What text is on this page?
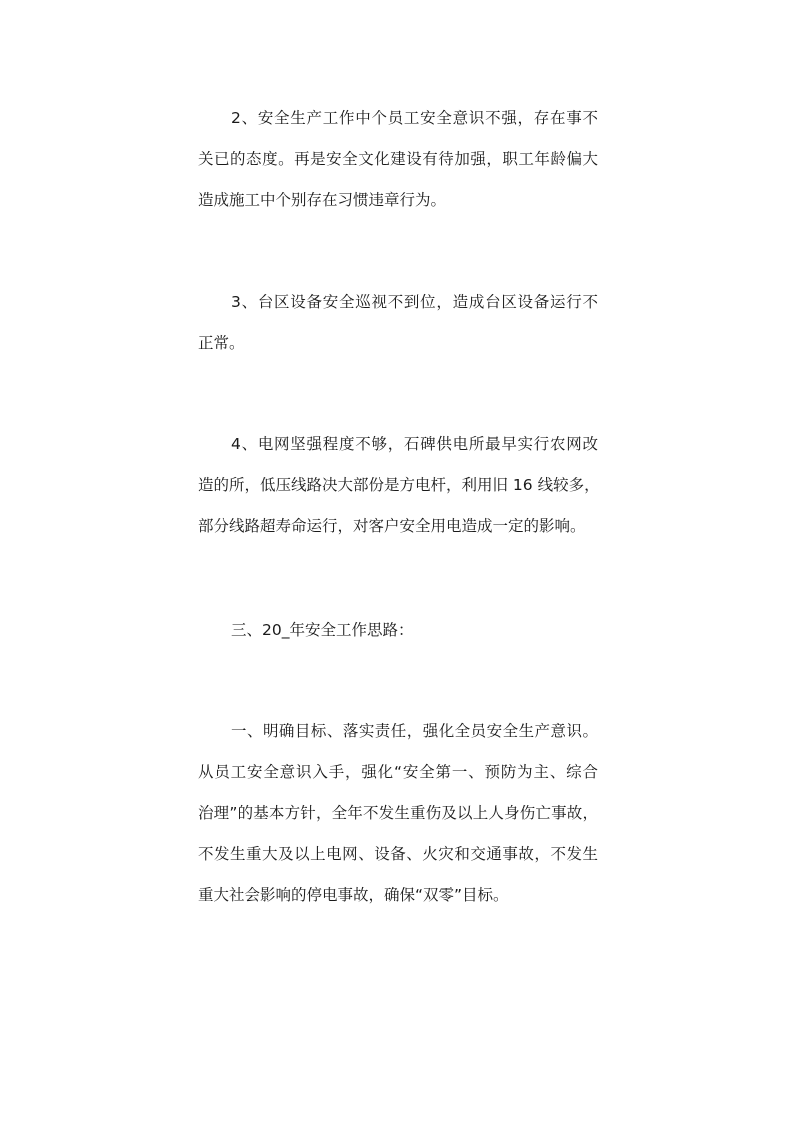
2、安全生产工作中个员工安全意识不强，存在事不
关已的态度。再是安全文化建设有待加强，职工年龄偏大
造成施工中个别存在习惯违章行为。
3、台区设备安全巡视不到位，造成台区设备运行不
正常。
4、电网坚强程度不够，石碑供电所最早实行农网改
造的所，低压线路决大部份是方电杆，利用旧 16 线较多，
部分线路超寿命运行，对客户安全用电造成一定的影响。
三、20_年安全工作思路：
一、明确目标、落实责任，强化全员安全生产意识。
从员工安全意识入手，强化“安全第一、预防为主、综合
治理”的基本方针，全年不发生重伤及以上人身伤亡事故，
不发生重大及以上电网、设备、火灾和交通事故，不发生
重大社会影响的停电事故，确保“双零”目标。
